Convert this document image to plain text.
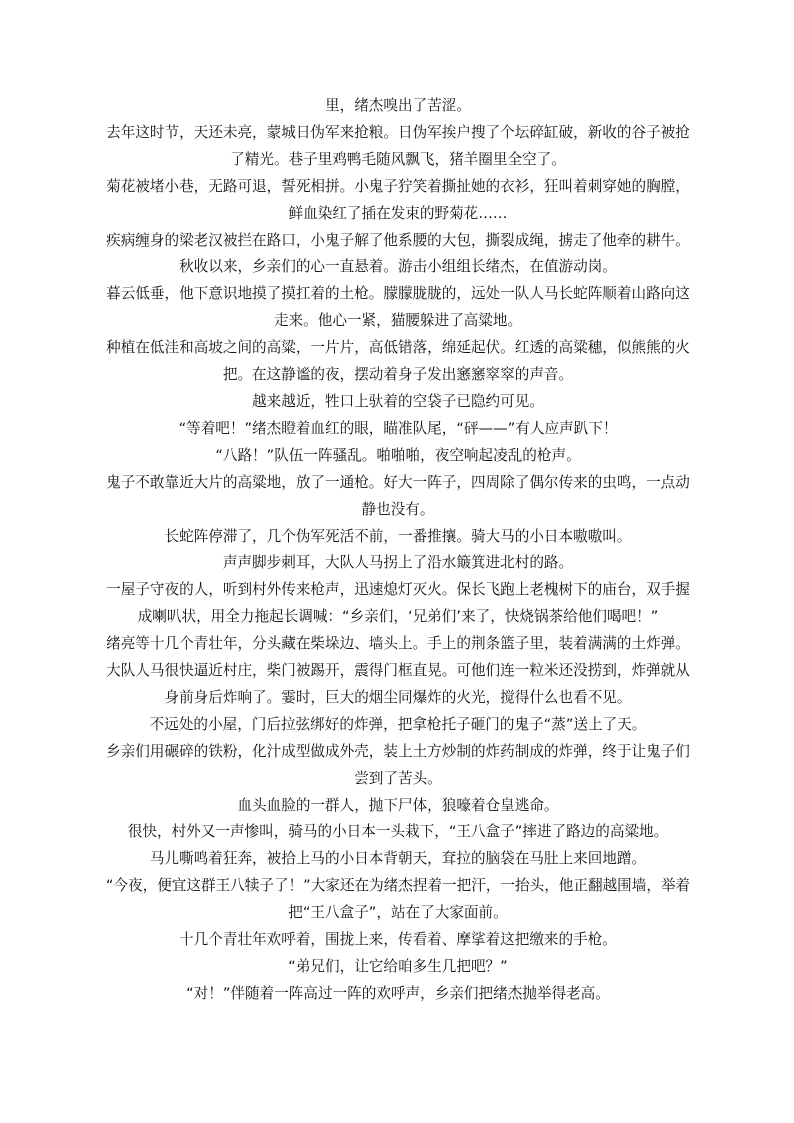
里，绪杰嗅出了苦涩。

去年这时节，天还未亮，蒙城日伪军来抢粮。日伪军挨户搜了个坛碎缸破，新收的谷子被抢了精光。巷子里鸡鸭毛随风飘飞，猪羊圈里全空了。

菊花被堵小巷，无路可退，誓死相拼。小鬼子狞笑着撕扯她的衣衫，狂叫着刺穿她的胸膛，鲜血染红了插在发束的野菊花……

疾病缠身的梁老汉被拦在路口，小鬼子解了他系腰的大包，撕裂成绳，掳走了他牵的耕牛。秋收以来，乡亲们的心一直悬着。游击小组组长绪杰，在值游动岗。

暮云低垂，他下意识地摸了摸扛着的土枪。朦朦胧胧的，远处一队人马长蛇阵顺着山路向这走来。他心一紧，猫腰躲进了高粱地。

种植在低洼和高坡之间的高粱，一片片，高低错落，绵延起伏。红透的高粱穗，似熊熊的火把。在这静谧的夜，摆动着身子发出窸窸窣窣的声音。

越来越近，牲口上驮着的空袋子已隐约可见。

“等着吧！”绪杰瞪着血红的眼，瞄准队尾，“砰——”有人应声趴下！

“八路！”队伍一阵骚乱。啪啪啪，夜空响起凌乱的枪声。

鬼子不敢靠近大片的高粱地，放了一通枪。好大一阵子，四周除了偶尔传来的虫鸣，一点动静也没有。

长蛇阵停滞了，几个伪军死活不前，一番推攘。骑大马的小日本嗷嗷叫。

声声脚步刺耳，大队人马拐上了沿水簸箕进北村的路。

一屋子守夜的人，听到村外传来枪声，迅速熄灯灭火。保长飞跑上老槐树下的庙台，双手握成喇叭状，用全力拖起长调喊：“乡亲们，‘兄弟们’来了，快烧锅茶给他们喝吧！”

绪亮等十几个青壮年，分头藏在柴垛边、墙头上。手上的荆条篮子里，装着满满的土炸弹。大队人马很快逼近村庄，柴门被踢开，震得门框直晃。可他们连一粒米还没捞到，炸弹就从身前身后炸响了。霎时，巨大的烟尘同爆炸的火光，搅得什么也看不见。

不远处的小屋，门后拉弦绑好的炸弹，把拿枪托子砸门的鬼子“蒸”送上了天。

乡亲们用碾碎的铁粉，化汁成型做成外壳，装上土方炒制的炸药制成的炸弹，终于让鬼子们尝到了苦头。

血头血脸的一群人，抛下尸体，狼嚎着仓皇逃命。

很快，村外又一声惨叫，骑马的小日本一头栽下，“王八盒子”摔进了路边的高粱地。

马儿嘶鸣着狂奔，被拾上马的小日本背朝天，耷拉的脑袋在马肚上来回地蹭。

“今夜，便宜这群王八犊子了！”大家还在为绪杰捏着一把汗，一抬头，他正翻越围墙，举着把“王八盒子”，站在了大家面前。

十几个青壮年欢呼着，围拢上来，传看着、摩挲着这把缴来的手枪。

“弟兄们，让它给咱多生几把吧？”

“对！”伴随着一阵高过一阵的欢呼声，乡亲们把绪杰抛举得老高。
